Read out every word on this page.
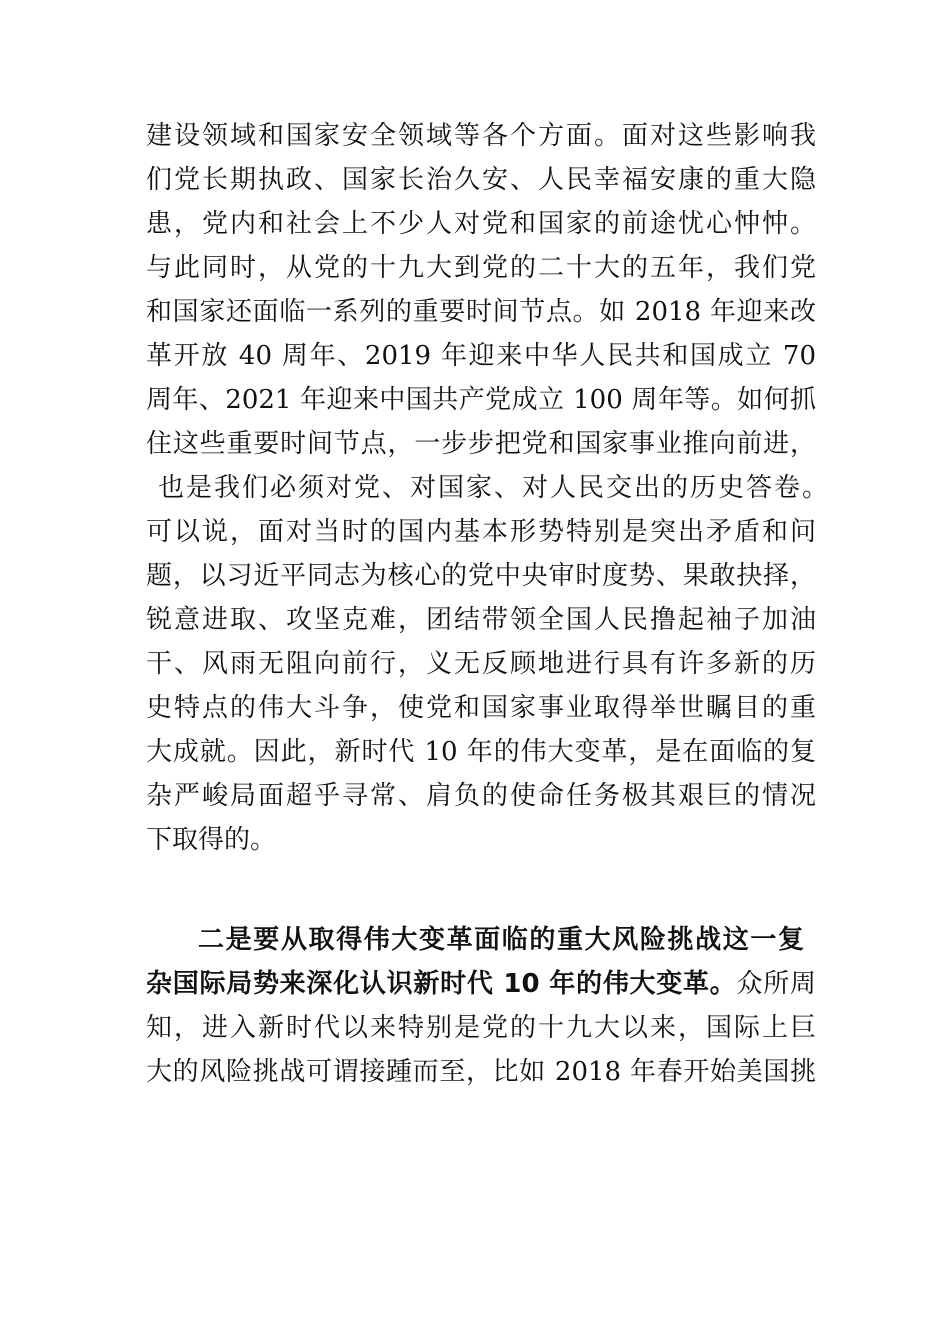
建设领域和国家安全领域等各个方面。面对这些影响我
们党长期执政、国家长治久安、人民幸福安康的重大隐
患，党内和社会上不少人对党和国家的前途忧心忡忡。
与此同时，从党的十九大到党的二十大的五年，我们党
和国家还面临一系列的重要时间节点。如 2018 年迎来改
革开放 40 周年、2019 年迎来中华人民共和国成立 70
周年、2021 年迎来中国共产党成立 100 周年等。如何抓
住这些重要时间节点，一步步把党和国家事业推向前进，
也是我们必须对党、对国家、对人民交出的历史答卷。
可以说，面对当时的国内基本形势特别是突出矛盾和问
题，以习近平同志为核心的党中央审时度势、果敢抉择，
锐意进取、攻坚克难，团结带领全国人民撸起袖子加油
干、风雨无阻向前行，义无反顾地进行具有许多新的历
史特点的伟大斗争，使党和国家事业取得举世瞩目的重
大成就。因此，新时代 10 年的伟大变革，是在面临的复
杂严峻局面超乎寻常、肩负的使命任务极其艰巨的情况
下取得的。
二是要从取得伟大变革面临的重大风险挑战这一复
杂国际局势来深化认识新时代 10 年的伟大变革。众所周
知，进入新时代以来特别是党的十九大以来，国际上巨
大的风险挑战可谓接踵而至，比如 2018 年春开始美国挑
